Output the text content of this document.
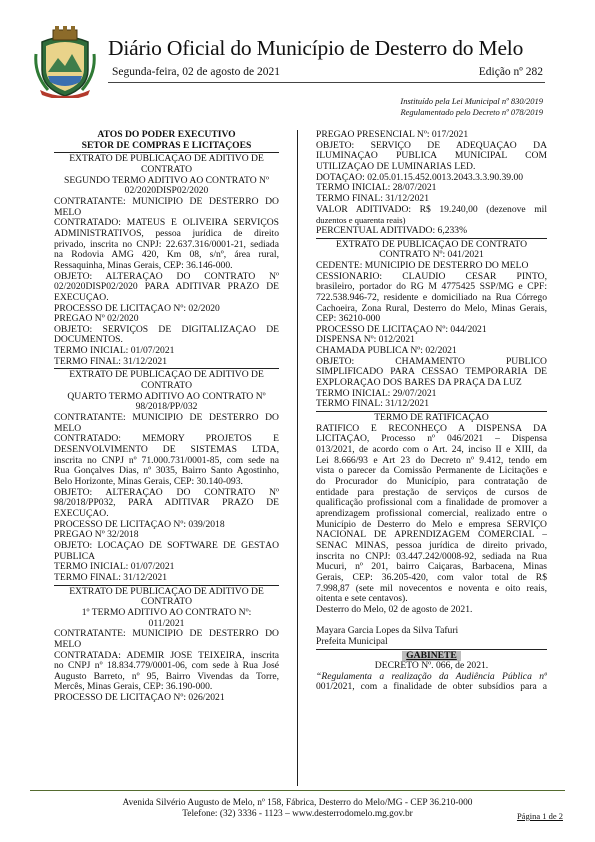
Diário Oficial do Município de Desterro do Melo
Segunda-feira, 02 de agosto de 2021	Edição nº 282
Instituído pela Lei Municipal nº 830/2019
Regulamentado pelo Decreto nº 078/2019
ATOS DO PODER EXECUTIVO
SETOR DE COMPRAS E LICITAÇÕES
EXTRATO DE PUBLICAÇÃO DE ADITIVO DE
CONTRATO
SEGUNDO TERMO ADITIVO AO CONTRATO Nº
02/2020DISP02/2020
CONTRATANTE: MUNICÍPIO DE DESTERRO DO
MELO
CONTRATADO: MATEUS E OLIVEIRA SERVIÇOS
ADMINISTRATIVOS, pessoa jurídica de direito
privado, inscrita no CNPJ: 22.637.316/0001-21, sediada
na Rodovia AMG 420, Km 08, s/nº, área rural,
Ressaquinha, Minas Gerais, CEP: 36.146-000.
OBJETO: ALTERAÇÃO DO CONTRATO Nº
02/2020DISP02/2020 PARA ADITIVAR PRAZO DE
EXECUÇÃO.
PROCESSO DE LICITAÇÃO Nº: 02/2020
PREGÃO Nº 02/2020
OBJETO: SERVIÇOS DE DIGITALIZAÇÃO DE
DOCUMENTOS.
TERMO INICIAL: 01/07/2021
TERMO FINAL: 31/12/2021
EXTRATO DE PUBLICAÇÃO DE ADITIVO DE
CONTRATO
QUARTO TERMO ADITIVO AO CONTRATO Nº
98/2018/PP/032
CONTRATANTE: MUNICÍPIO DE DESTERRO DO
MELO
CONTRATADO: MEMORY PROJETOS E
DESENVOLVIMENTO DE SISTEMAS LTDA,
inscrita no CNPJ nº 71.000.731/0001-85, com sede na
Rua Gonçalves Dias, nº 3035, Bairro Santo Agostinho,
Belo Horizonte, Minas Gerais, CEP: 30.140-093.
OBJETO: ALTERAÇÃO DO CONTRATO Nº
98/2018/PP032, PARA ADITIVAR PRAZO DE
EXECUÇÃO.
PROCESSO DE LICITAÇÃO Nº: 039/2018
PREGÃO Nº 32/2018
OBJETO: LOCAÇÃO DE SOFTWARE DE GESTÃO
PÚBLICA
TERMO INICIAL: 01/07/2021
TERMO FINAL: 31/12/2021
EXTRATO DE PUBLICAÇÃO DE ADITIVO DE
CONTRATO
1º TERMO ADITIVO AO CONTRATO Nº:
011/2021
CONTRATANTE: MUNICÍPIO DE DESTERRO DO
MELO
CONTRATADA: ADEMIR JOSÉ TEIXEIRA, inscrita
no CNPJ nº 18.834.779/0001-06, com sede à Rua José
Augusto Barreto, nº 95, Bairro Vivendas da Torre,
Mercês, Minas Gerais, CEP: 36.190-000.
PROCESSO DE LICITAÇÃO Nº: 026/2021
PREGÃO PRESENCIAL Nº: 017/2021
OBJETO: SERVIÇO DE ADEQUAÇÃO DA
ILUMINAÇÃO PÚBLICA MUNICIPAL COM
UTILIZAÇÃO DE LUMINÁRIAS LED.
DOTAÇÃO: 02.05.01.15.452.0013.2043.3.3.90.39.00
TERMO INICIAL: 28/07/2021
TERMO FINAL: 31/12/2021
VALOR ADITIVADO: R$ 19.240,00 (dezenove mil
duzentos e quarenta reais)
PERCENTUAL ADITIVADO: 6,233%
EXTRATO DE PUBLICAÇÃO DE CONTRATO
CONTRATO Nº: 041/2021
CEDENTE: MUNICÍPIO DE DESTERRO DO MELO
CESSIONÁRIO: CLAUDIO CESAR PINTO,
brasileiro, portador do RG M 4775425 SSP/MG e CPF:
722.538.946-72, residente e domiciliado na Rua Córrego
Cachoeira, Zona Rural, Desterro do Melo, Minas Gerais,
CEP: 36210-000
PROCESSO DE LICITAÇÃO Nº: 044/2021
DISPENSA Nº: 012/2021
CHAMADA PÚBLICA Nº: 02/2021
OBJETO: CHAMAMENTO PÚBLICO
SIMPLIFICADO PARA CESSÃO TEMPORÁRIA DE
EXPLORAÇÃO DOS BARES DA PRAÇA DA LUZ
TERMO INICIAL: 29/07/2021
TERMO FINAL: 31/12/2021
TERMO DE RATIFICAÇÃO
RATIFICO E RECONHEÇO A DISPENSA DA
LICITAÇÃO, Processo nº 046/2021 – Dispensa
013/2021, de acordo com o Art. 24, inciso II e XIII, da
Lei 8.666/93 e Art 23 do Decreto nº 9.412, tendo em
vista o parecer da Comissão Permanente de Licitações e
do Procurador do Município, para contratação de
entidade para prestação de serviços de cursos de
qualificação profissional com a finalidade de promover a
aprendizagem profissional comercial, realizado entre o
Município de Desterro do Melo e empresa SERVIÇO
NACIONAL DE APRENDIZAGEM COMERCIAL –
SENAC MINAS, pessoa jurídica de direito privado,
inscrita no CNPJ: 03.447.242/0008-92, sediada na Rua
Mucuri, nº 201, bairro Caiçaras, Barbacena, Minas
Gerais, CEP: 36.205-420, com valor total de R$
7.998,87 (sete mil novecentos e noventa e oito reais,
oitenta e sete centavos).
Desterro do Melo, 02 de agosto de 2021.

Mayara Garcia Lopes da Silva Tafuri
Prefeita Municipal
GABINETE
DECRETO Nº. 066, de 2021.
“Regulamenta a realização da Audiência Pública nº
001/2021, com a finalidade de obter subsídios para a
Avenida Silvério Augusto de Melo, nº 158, Fábrica, Desterro do Melo/MG - CEP 36.210-000
Telefone: (32) 3336 - 1123 – www.desterrodomelo.mg.gov.br	Página 1 de 2
